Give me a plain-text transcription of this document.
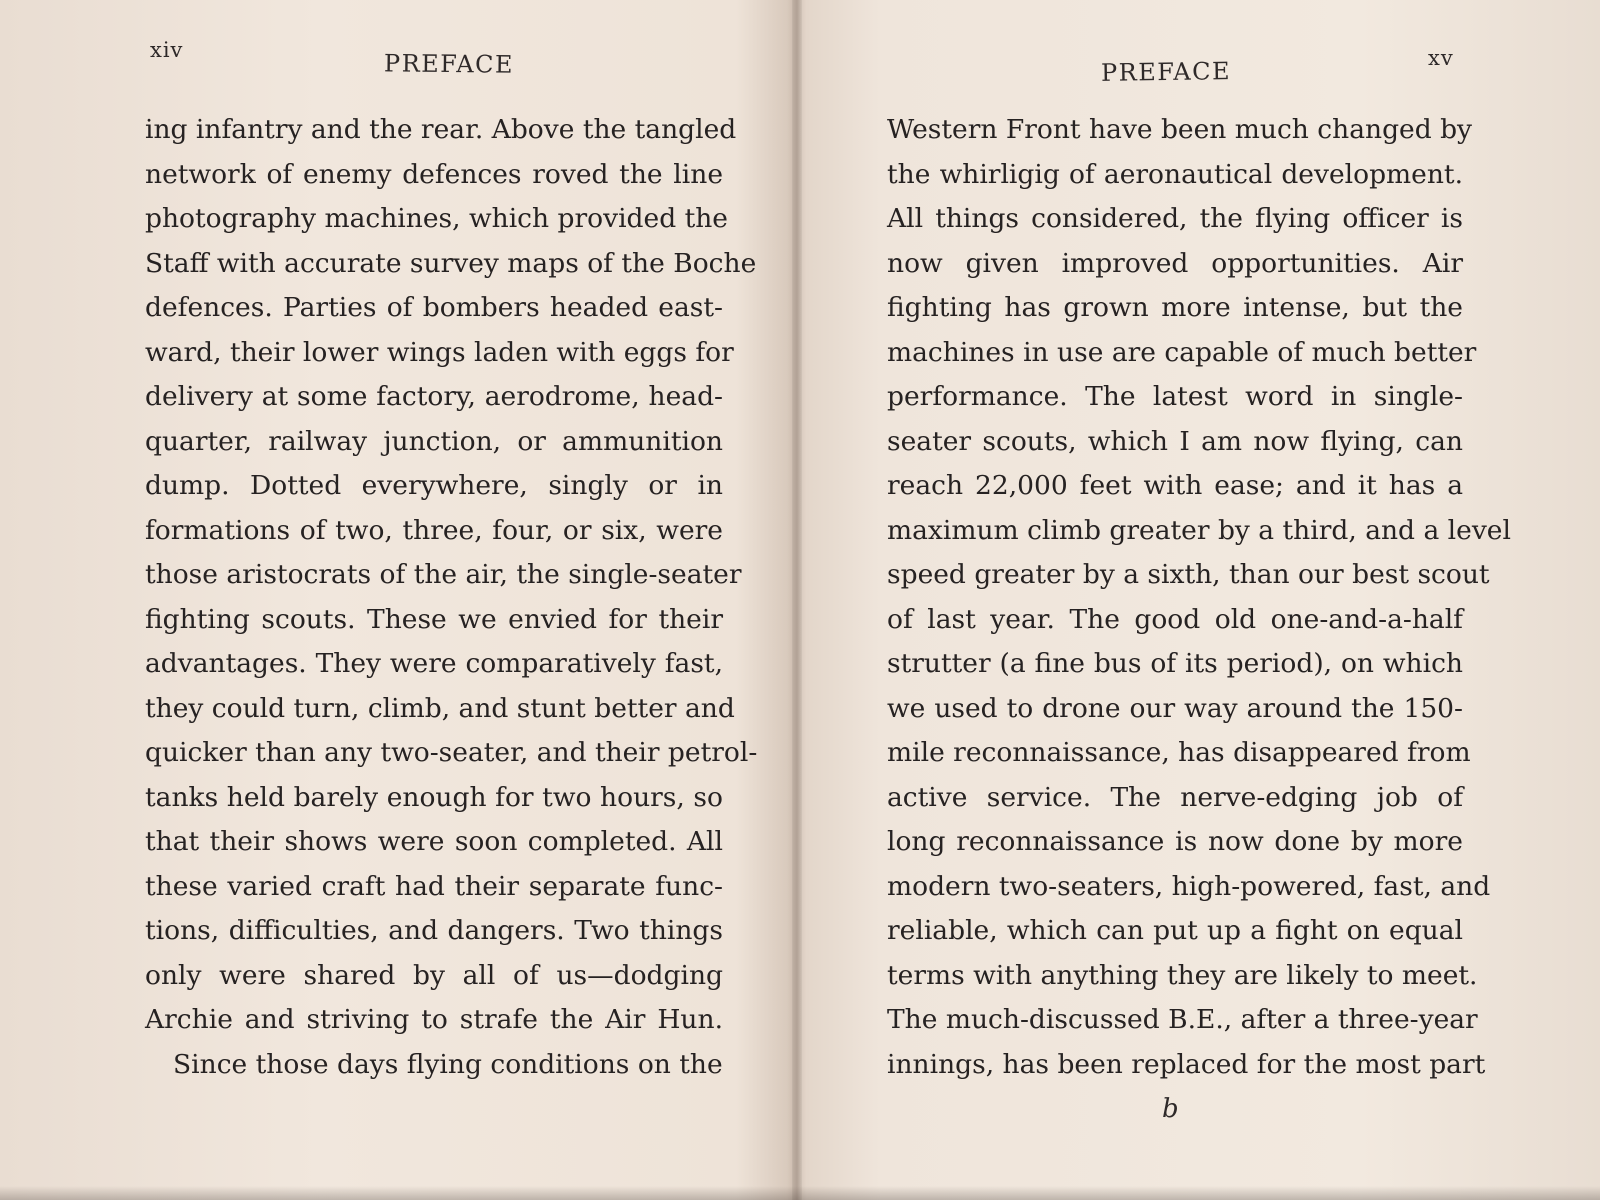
xiv	PREFACE	xv
PREFACE
ing infantry and the rear. Above the tangled
network of enemy defences roved the line
photography machines, which provided the
Staff with accurate survey maps of the Boche
defences. Parties of bombers headed east-
ward, their lower wings laden with eggs for
delivery at some factory, aerodrome, head-
quarter, railway junction, or ammunition
dump. Dotted everywhere, singly or in
formations of two, three, four, or six, were
those aristocrats of the air, the single-seater
fighting scouts. These we envied for their
advantages. They were comparatively fast,
they could turn, climb, and stunt better and
quicker than any two-seater, and their petrol-
tanks held barely enough for two hours, so
that their shows were soon completed. All
these varied craft had their separate func-
tions, difficulties, and dangers. Two things
only were shared by all of us—dodging
Archie and striving to strafe the Air Hun.
Since those days flying conditions on the
Western Front have been much changed by
the whirligig of aeronautical development.
All things considered, the flying officer is
now given improved opportunities. Air
fighting has grown more intense, but the
machines in use are capable of much better
performance. The latest word in single-
seater scouts, which I am now flying, can
reach 22,000 feet with ease; and it has a
maximum climb greater by a third, and a level
speed greater by a sixth, than our best scout
of last year. The good old one-and-a-half
strutter (a fine bus of its period), on which
we used to drone our way around the 150-
mile reconnaissance, has disappeared from
active service. The nerve-edging job of
long reconnaissance is now done by more
modern two-seaters, high-powered, fast, and
reliable, which can put up a fight on equal
terms with anything they are likely to meet.
The much-discussed B.E., after a three-year
innings, has been replaced for the most part
b
